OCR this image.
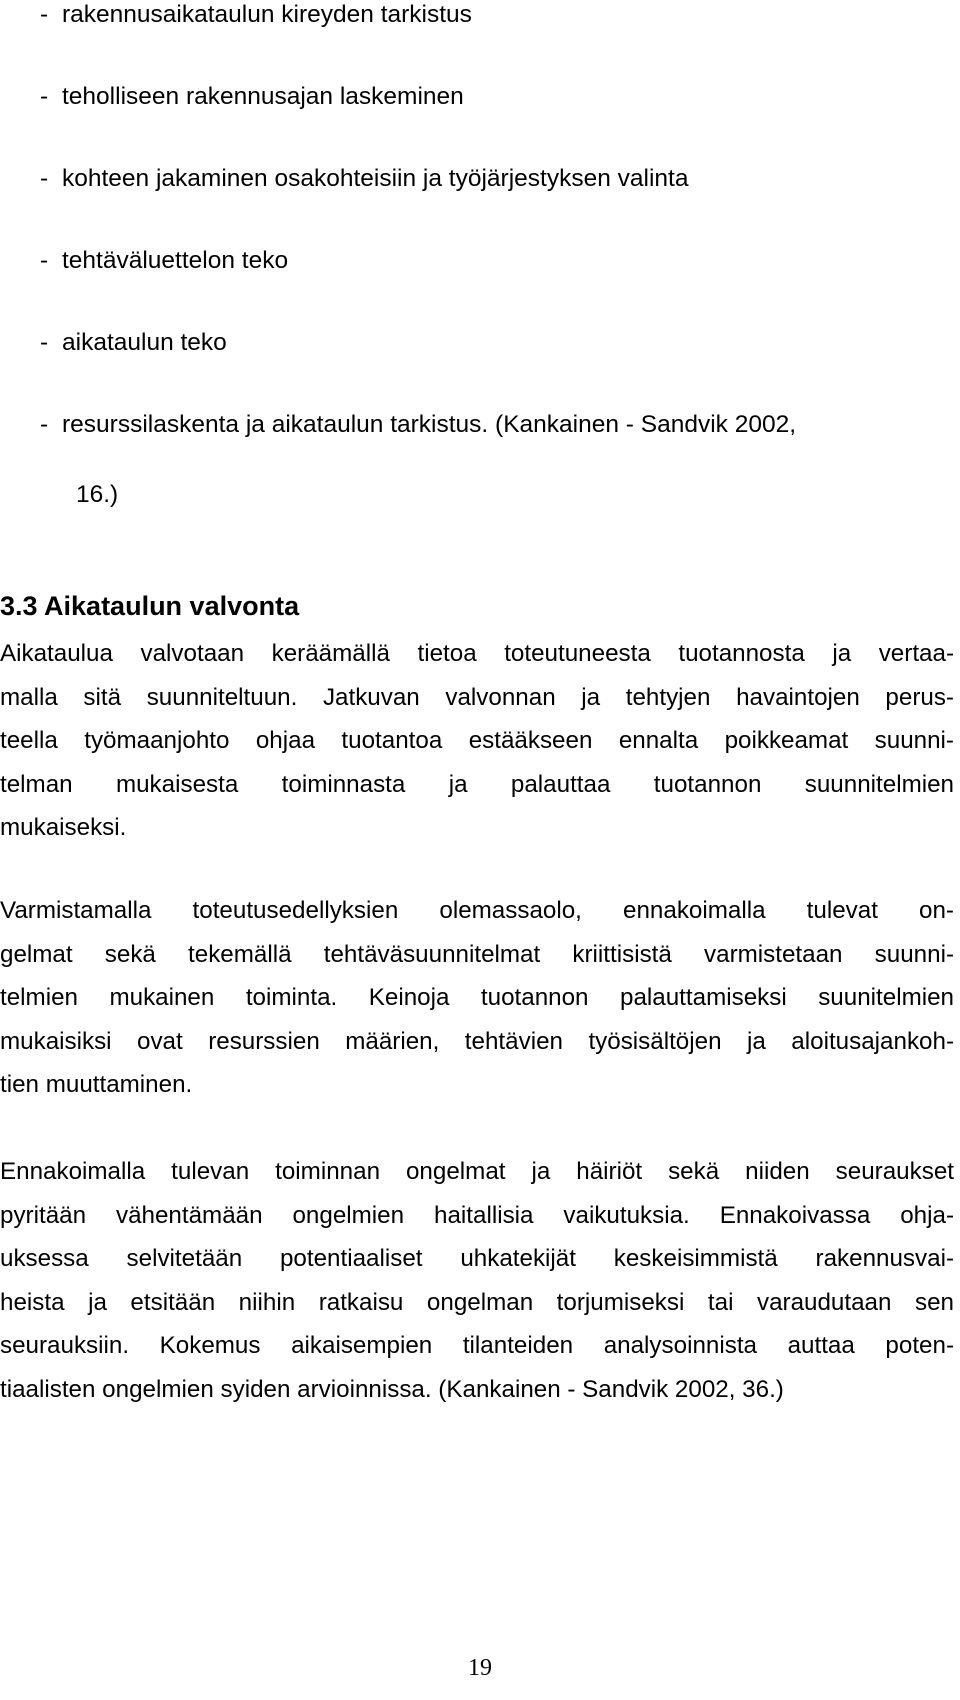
- rakennusaikataulun kireyden tarkistus
- teholliseen rakennusajan laskeminen
- kohteen jakaminen osakohteisiin ja työjärjestyksen valinta
- tehtäväluettelon teko
- aikataulun teko
- resurssilaskenta ja aikataulun tarkistus. (Kankainen - Sandvik 2002,
16.)
3.3 Aikataulun valvonta
Aikataulua valvotaan keräämällä tietoa toteutuneesta tuotannosta ja vertaa-
malla sitä suunniteltuun. Jatkuvan valvonnan ja tehtyjen havaintojen perus-
teella työmaanjohto ohjaa tuotantoa estääkseen ennalta poikkeamat suunni-
telman mukaisesta toiminnasta ja palauttaa tuotannon suunnitelmien
mukaiseksi.
Varmistamalla toteutusedellyksien olemassaolo, ennakoimalla tulevat on-
gelmat sekä tekemällä tehtäväsuunnitelmat kriittisistä varmistetaan suunni-
telmien mukainen toiminta. Keinoja tuotannon palauttamiseksi suunitelmien
mukaisiksi ovat resurssien määrien, tehtävien työsisältöjen ja aloitusajankoh-
tien muuttaminen.
Ennakoimalla tulevan toiminnan ongelmat ja häiriöt sekä niiden seuraukset
pyritään vähentämään ongelmien haitallisia vaikutuksia. Ennakoivassa ohja-
uksessa selvitetään potentiaaliset uhkatekijät keskeisimmistä rakennusvai-
heista ja etsitään niihin ratkaisu ongelman torjumiseksi tai varaudutaan sen
seurauksiin. Kokemus aikaisempien tilanteiden analysoinnista auttaa poten-
tiaalisten ongelmien syiden arvioinnissa. (Kankainen - Sandvik 2002, 36.)
19
